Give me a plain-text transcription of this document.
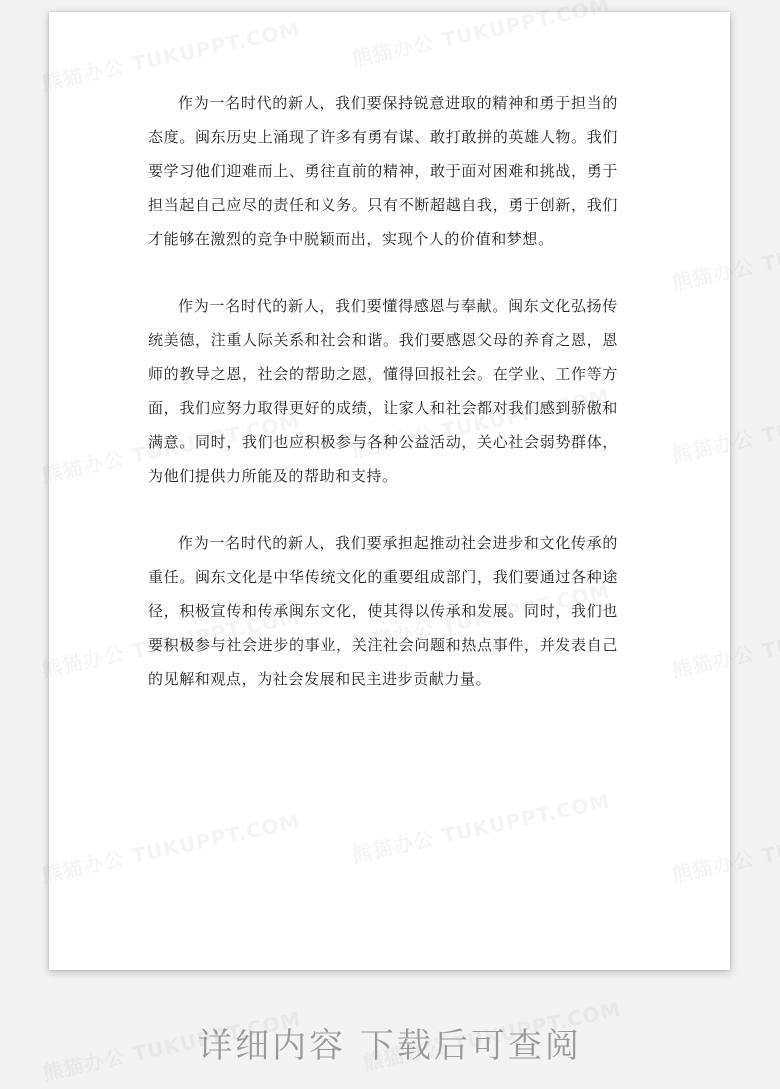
作为一名时代的新人，我们要保持锐意进取的精神和勇于担当的态度。闽东历史上涌现了许多有勇有谋、敢打敢拼的英雄人物。我们要学习他们迎难而上、勇往直前的精神，敢于面对困难和挑战，勇于担当起自己应尽的责任和义务。只有不断超越自我，勇于创新，我们才能够在激烈的竞争中脱颖而出，实现个人的价值和梦想。

作为一名时代的新人，我们要懂得感恩与奉献。闽东文化弘扬传统美德，注重人际关系和社会和谐。我们要感恩父母的养育之恩，恩师的教导之恩，社会的帮助之恩，懂得回报社会。在学业、工作等方面，我们应努力取得更好的成绩，让家人和社会都对我们感到骄傲和满意。同时，我们也应积极参与各种公益活动，关心社会弱势群体，为他们提供力所能及的帮助和支持。

作为一名时代的新人，我们要承担起推动社会进步和文化传承的重任。闽东文化是中华传统文化的重要组成部门，我们要通过各种途径，积极宣传和传承闽东文化，使其得以传承和发展。同时，我们也要积极参与社会进步的事业，关注社会问题和热点事件，并发表自己的见解和观点，为社会发展和民主进步贡献力量。

详细内容 下载后可查阅
